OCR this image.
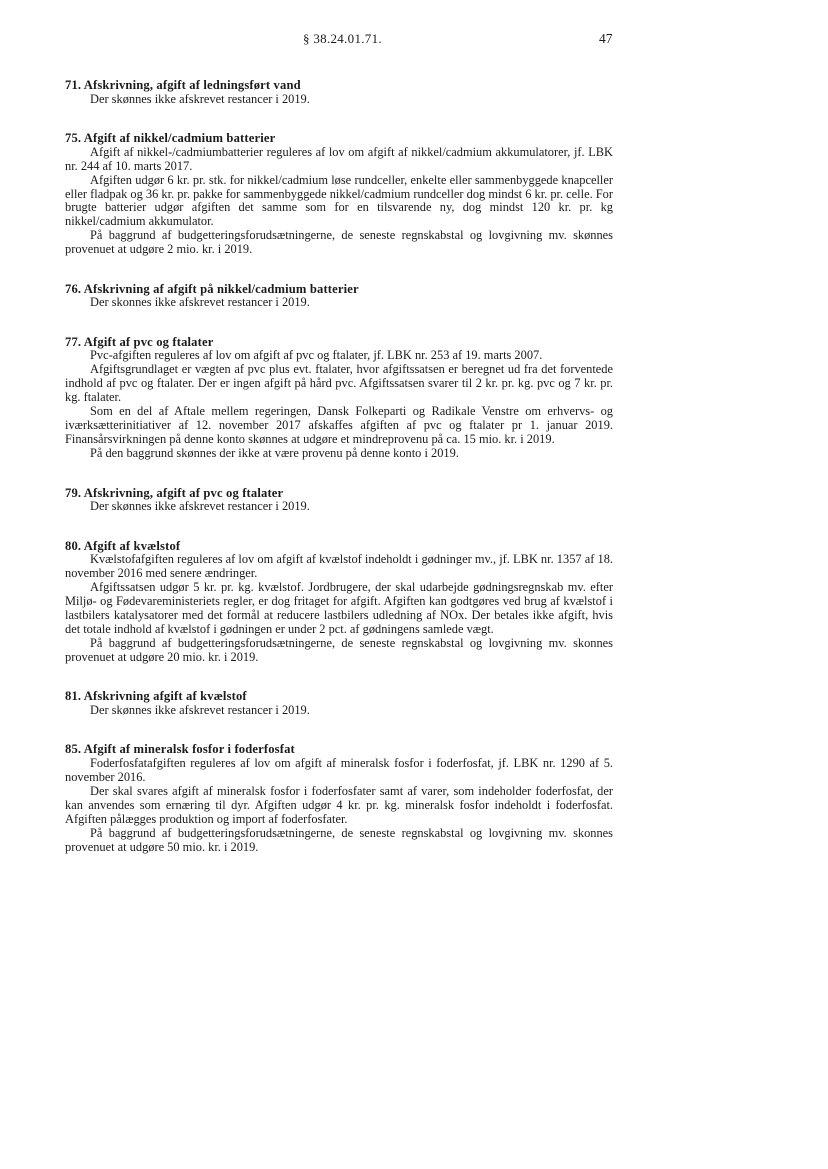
§ 38.24.01.71.	47
71. Afskrivning, afgift af ledningsført vand

Der skønnes ikke afskrevet restancer i 2019.

75. Afgift af nikkel/cadmium batterier

Afgift af nikkel-/cadmiumbatterier reguleres af lov om afgift af nikkel/cadmium akkumulatorer, jf. LBK nr. 244 af 10. marts 2017.

Afgiften udgør 6 kr. pr. stk. for nikkel/cadmium løse rundceller, enkelte eller sammenbyggede knapceller eller fladpak og 36 kr. pr. pakke for sammenbyggede nikkel/cadmium rundceller dog mindst 6 kr. pr. celle. For brugte batterier udgør afgiften det samme som for en tilsvarende ny, dog mindst 120 kr. pr. kg nikkel/cadmium akkumulator.

På baggrund af budgetteringsforudsætningerne, de seneste regnskabstal og lovgivning mv. skønnes provenuet at udgøre 2 mio. kr. i 2019.

76. Afskrivning af afgift på nikkel/cadmium batterier

Der skonnes ikke afskrevet restancer i 2019.

77. Afgift af pvc og ftalater

Pvc-afgiften reguleres af lov om afgift af pvc og ftalater, jf. LBK nr. 253 af 19. marts 2007.

Afgiftsgrundlaget er vægten af pvc plus evt. ftalater, hvor afgiftssatsen er beregnet ud fra det forventede indhold af pvc og ftalater. Der er ingen afgift på hård pvc. Afgiftssatsen svarer til 2 kr. pr. kg. pvc og 7 kr. pr. kg. ftalater.

Som en del af Aftale mellem regeringen, Dansk Folkeparti og Radikale Venstre om erhvervs- og iværksætterinitiativer af 12. november 2017 afskaffes afgiften af pvc og ftalater pr 1. januar 2019. Finansårsvirkningen på denne konto skønnes at udgøre et mindreprovenu på ca. 15 mio. kr. i 2019.

På den baggrund skønnes der ikke at være provenu på denne konto i 2019.

79. Afskrivning, afgift af pvc og ftalater

Der skønnes ikke afskrevet restancer i 2019.

80. Afgift af kvælstof

Kvælstofafgiften reguleres af lov om afgift af kvælstof indeholdt i gødninger mv., jf. LBK nr. 1357 af 18. november 2016 med senere ændringer.

Afgiftssatsen udgør 5 kr. pr. kg. kvælstof. Jordbrugere, der skal udarbejde gødningsregnskab mv. efter Miljø- og Fødevareministeriets regler, er dog fritaget for afgift. Afgiften kan godtgøres ved brug af kvælstof i lastbilers katalysatorer med det formål at reducere lastbilers udledning af NOx. Der betales ikke afgift, hvis det totale indhold af kvælstof i gødningen er under 2 pct. af gødningens samlede vægt.

På baggrund af budgetteringsforudsætningerne, de seneste regnskabstal og lovgivning mv. skonnes provenuet at udgøre 20 mio. kr. i 2019.

81. Afskrivning afgift af kvælstof

Der skønnes ikke afskrevet restancer i 2019.

85. Afgift af mineralsk fosfor i foderfosfat

Foderfosfatafgiften reguleres af lov om afgift af mineralsk fosfor i foderfosfat, jf. LBK nr. 1290 af 5. november 2016.

Der skal svares afgift af mineralsk fosfor i foderfosfater samt af varer, som indeholder foderfosfat, der kan anvendes som ernæring til dyr. Afgiften udgør 4 kr. pr. kg. mineralsk fosfor indeholdt i foderfosfat. Afgiften pålægges produktion og import af foderfosfater.

På baggrund af budgetteringsforudsætningerne, de seneste regnskabstal og lovgivning mv. skonnes provenuet at udgøre 50 mio. kr. i 2019.
